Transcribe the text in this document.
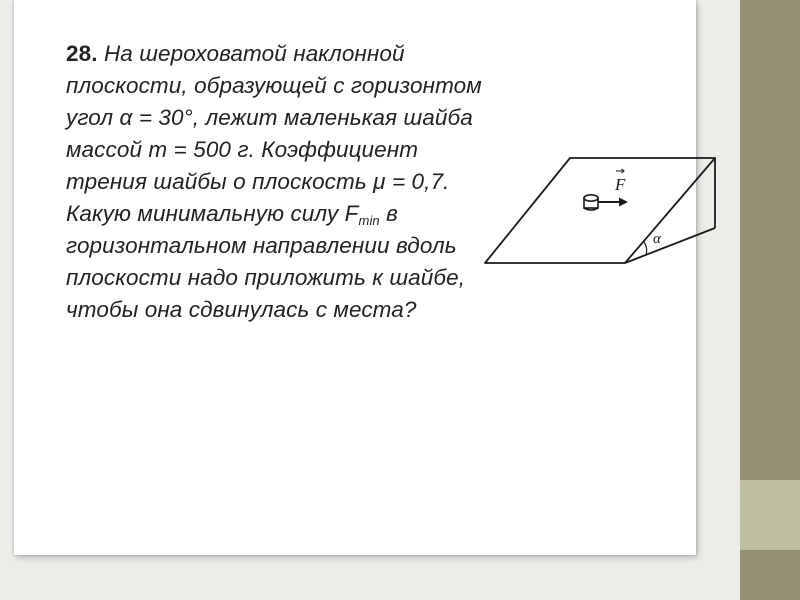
28. На шероховатой наклонной плоскости, образующей с горизонтом угол α = 30°, лежит маленькая шайба массой m = 500 г. Коэффициент трения шайбы о плоскость μ = 0,7. Какую минимальную силу $F_{min}$ в горизонтальном направлении вдоль плоскости надо приложить к шайбе, чтобы она сдвинулась с места?
α
F
